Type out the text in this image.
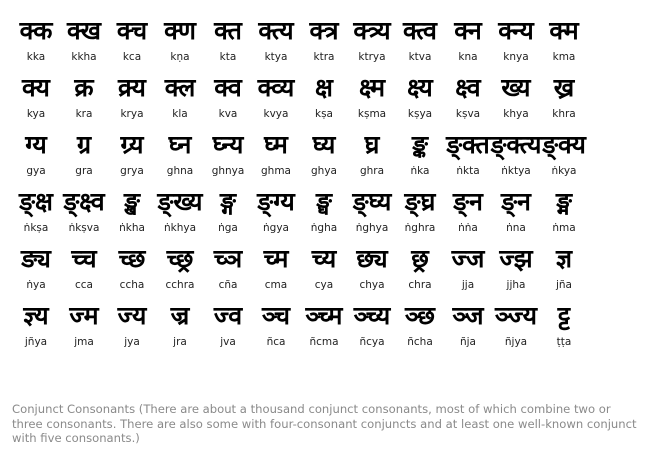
क्क
kka
क्ख
kkha
क्च
kca
क्ण
kṇa
क्त
kta
क्त्य
ktya
क्त्र
ktra
क्त्र्य
ktrya
क्त्व
ktva
क्न
kna
क्न्य
knya
क्म
kma
क्य
kya
क्र
kra
क्र्य
krya
क्ल
kla
क्व
kva
क्व्य
kvya
क्ष
kṣa
क्ष्म
kṣma
क्ष्य
kṣya
क्ष्व
kṣva
ख्य
khya
ख्र
khra
ग्य
gya
ग्र
gra
ग्र्य
grya
घ्न
ghna
घ्न्य
ghnya
घ्म
ghma
घ्य
ghya
घ्र
ghra
ङ्क
ṅka
ङ्क्त
ṅkta
ङ्क्त्य
ṅktya
ङ्क्य
ṅkya
ङ्क्ष
ṅkṣa
ङ्क्ष्व
ṅkṣva
ङ्ख
ṅkha
ङ्ख्य
ṅkhya
ङ्ग
ṅga
ङ्ग्य
ṅgya
ङ्घ
ṅgha
ङ्घ्य
ṅghya
ङ्घ्र
ṅghra
ङ्न
ṅṅa
ङ्न
ṅna
ङ्म
ṅma
ङ्य
ṅya
च्च
cca
च्छ
ccha
च्छ्र
cchra
च्ञ
cña
च्म
cma
च्य
cya
छ्य
chya
छ्र
chra
ज्ज
jja
ज्झ
jjha
ज्ञ
jña
ज्ञ्य
jñya
ज्म
jma
ज्य
jya
ज्र
jra
ज्व
jva
ञ्च
ñca
ञ्च्म
ñcma
ञ्च्य
ñcya
ञ्छ
ñcha
ञ्ज
ñja
ञ्ज्य
ñjya
ट्ट
ṭṭa
Conjunct Consonants (There are about a thousand conjunct consonants, most of which combine two or three consonants. There are also some with four-consonant conjuncts and at least one well-known conjunct with five consonants.)
